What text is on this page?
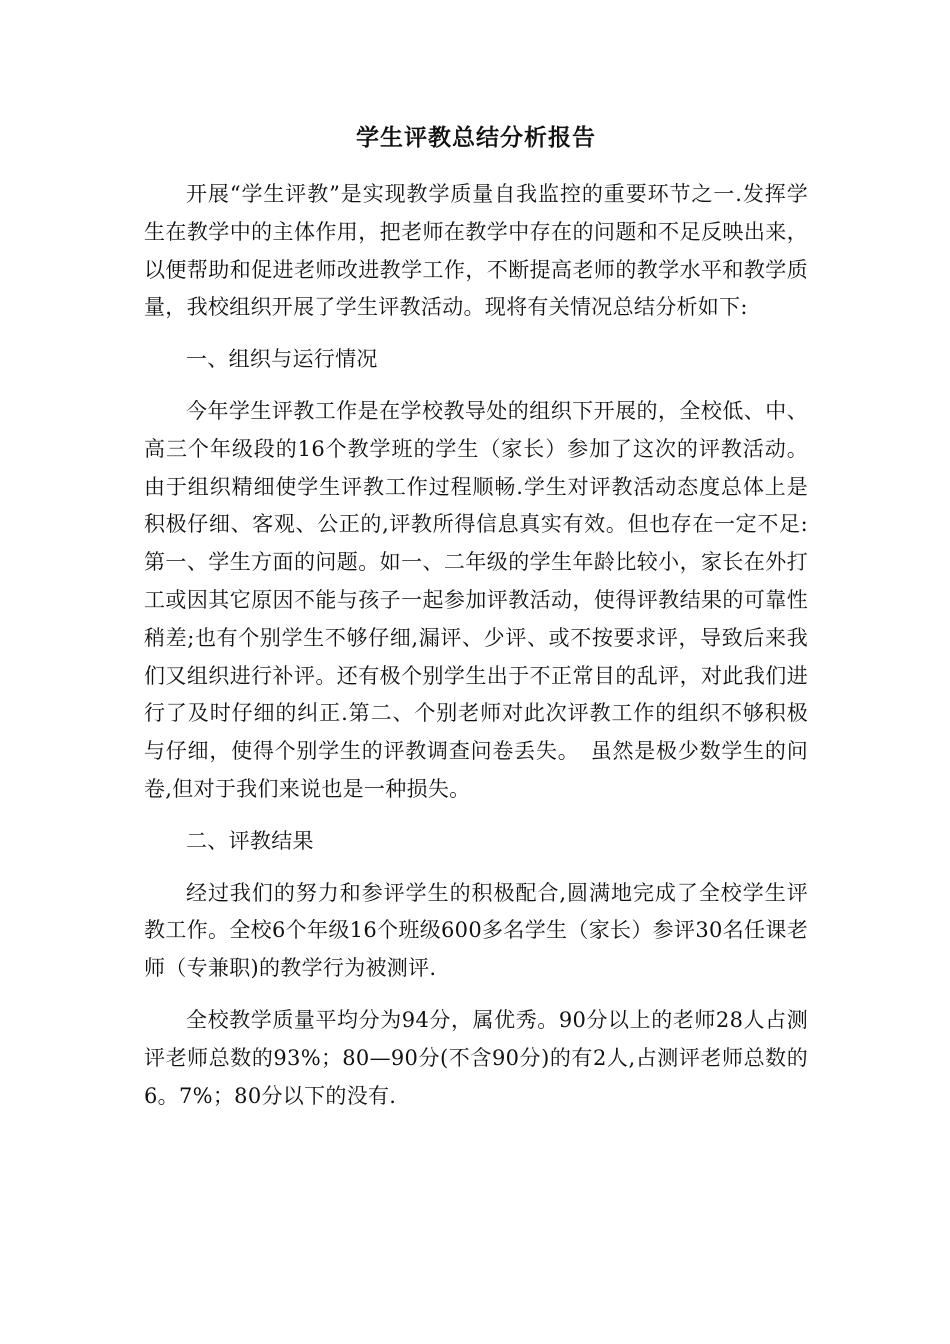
学生评教总结分析报告

开展“学生评教”是实现教学质量自我监控的重要环节之一.发挥学生在教学中的主体作用，把老师在教学中存在的问题和不足反映出来，以便帮助和促进老师改进教学工作，不断提高老师的教学水平和教学质量，我校组织开展了学生评教活动。现将有关情况总结分析如下:

一、组织与运行情况

今年学生评教工作是在学校教导处的组织下开展的，全校低、中、高三个年级段的16个教学班的学生（家长）参加了这次的评教活动。由于组织精细使学生评教工作过程顺畅.学生对评教活动态度总体上是积极仔细、客观、公正的,评教所得信息真实有效。但也存在一定不足:第一、学生方面的问题。如一、二年级的学生年龄比较小，家长在外打工或因其它原因不能与孩子一起参加评教活动，使得评教结果的可靠性稍差;也有个别学生不够仔细,漏评、少评、或不按要求评，导致后来我们又组织进行补评。还有极个别学生出于不正常目的乱评，对此我们进行了及时仔细的纠正.第二、个别老师对此次评教工作的组织不够积极与仔细，使得个别学生的评教调查问卷丢失。　虽然是极少数学生的问卷,但对于我们来说也是一种损失。

二、评教结果

经过我们的努力和参评学生的积极配合,圆满地完成了全校学生评教工作。全校6个年级16个班级600多名学生（家长）参评30名任课老师（专兼职)的教学行为被测评.

全校教学质量平均分为94分，属优秀。90分以上的老师28人占测评老师总数的93%；80—90分(不含90分)的有2人,占测评老师总数的6。7%；80分以下的没有.
